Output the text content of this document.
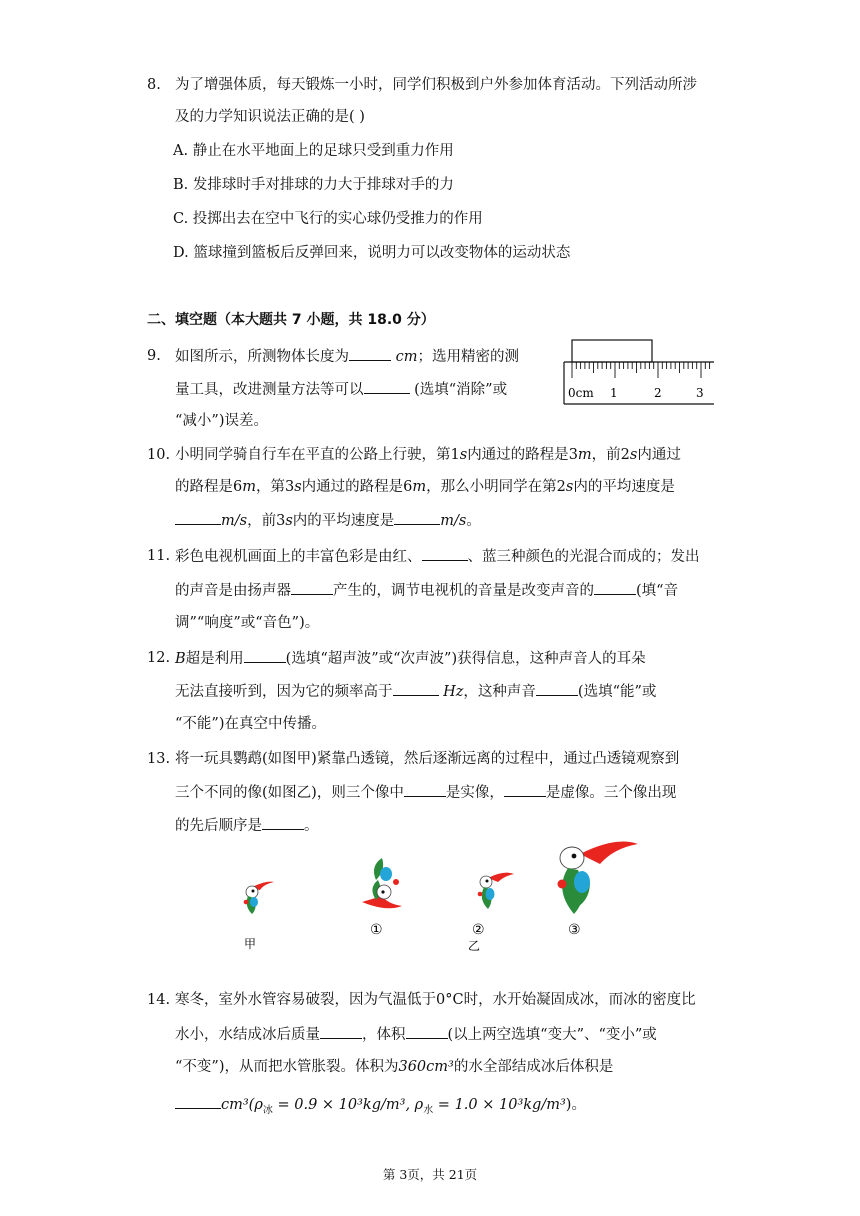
8. 为了增强体质，每天锻炼一小时，同学们积极到户外参加体育活动。下列活动所涉
及的力学知识说法正确的是( )
A. 静止在水平地面上的足球只受到重力作用
B. 发排球时手对排球的力大于排球对手的力
C. 投掷出去在空中飞行的实心球仍受推力的作用
D. 篮球撞到篮板后反弹回来，说明力可以改变物体的运动状态
二、填空题（本大题共 7 小题，共 18.0 分）
9. 如图所示，所测物体长度为	cm；选用精密的测
量工具，改进测量方法等可以	(选填“消除”或
“减小”)误差。
0cm 1	2	3
10. 小明同学骑自行车在平直的公路上行驶，第1s内通过的路程是3m，前2s内通过
的路程是6m，第3s内通过的路程是6m，那么小明同学在第2s内的平均速度是
m/s，前3s内的平均速度是	m/s。
11. 彩色电视机画面上的丰富色彩是由红、	、蓝三种颜色的光混合而成的；发出
的声音是由扬声器	产生的，调节电视机的音量是改变声音的	(填“音
调”“响度”或“音色”)。
12. B超是利用	(选填“超声波”或“次声波”)获得信息，这种声音人的耳朵
无法直接听到，因为它的频率高于	Hz，这种声音	(选填“能”或
“不能”)在真空中传播。
13. 将一玩具鹦鹉(如图甲)紧靠凸透镜，然后逐渐远离的过程中，通过凸透镜观察到
三个不同的像(如图乙)，则三个像中	是实像，	是虚像。三个像出现
的先后顺序是	。
①	②	③
甲	乙
14. 寒冬，室外水管容易破裂，因为气温低于0°C时，水开始凝固成冰，而冰的密度比
水小，水结成冰后质量	，体积	(以上两空选填“变大”、“变小”或
“不变”)，从而把水管胀裂。体积为360cm³的水全部结成冰后体积是
$cm^3(\rho_冰 = 0.9 \times 10^3kg/m^3$, $\rho_水 = 1.0 \times 10^3kg/m^3$)。
第 3页，共 21页
